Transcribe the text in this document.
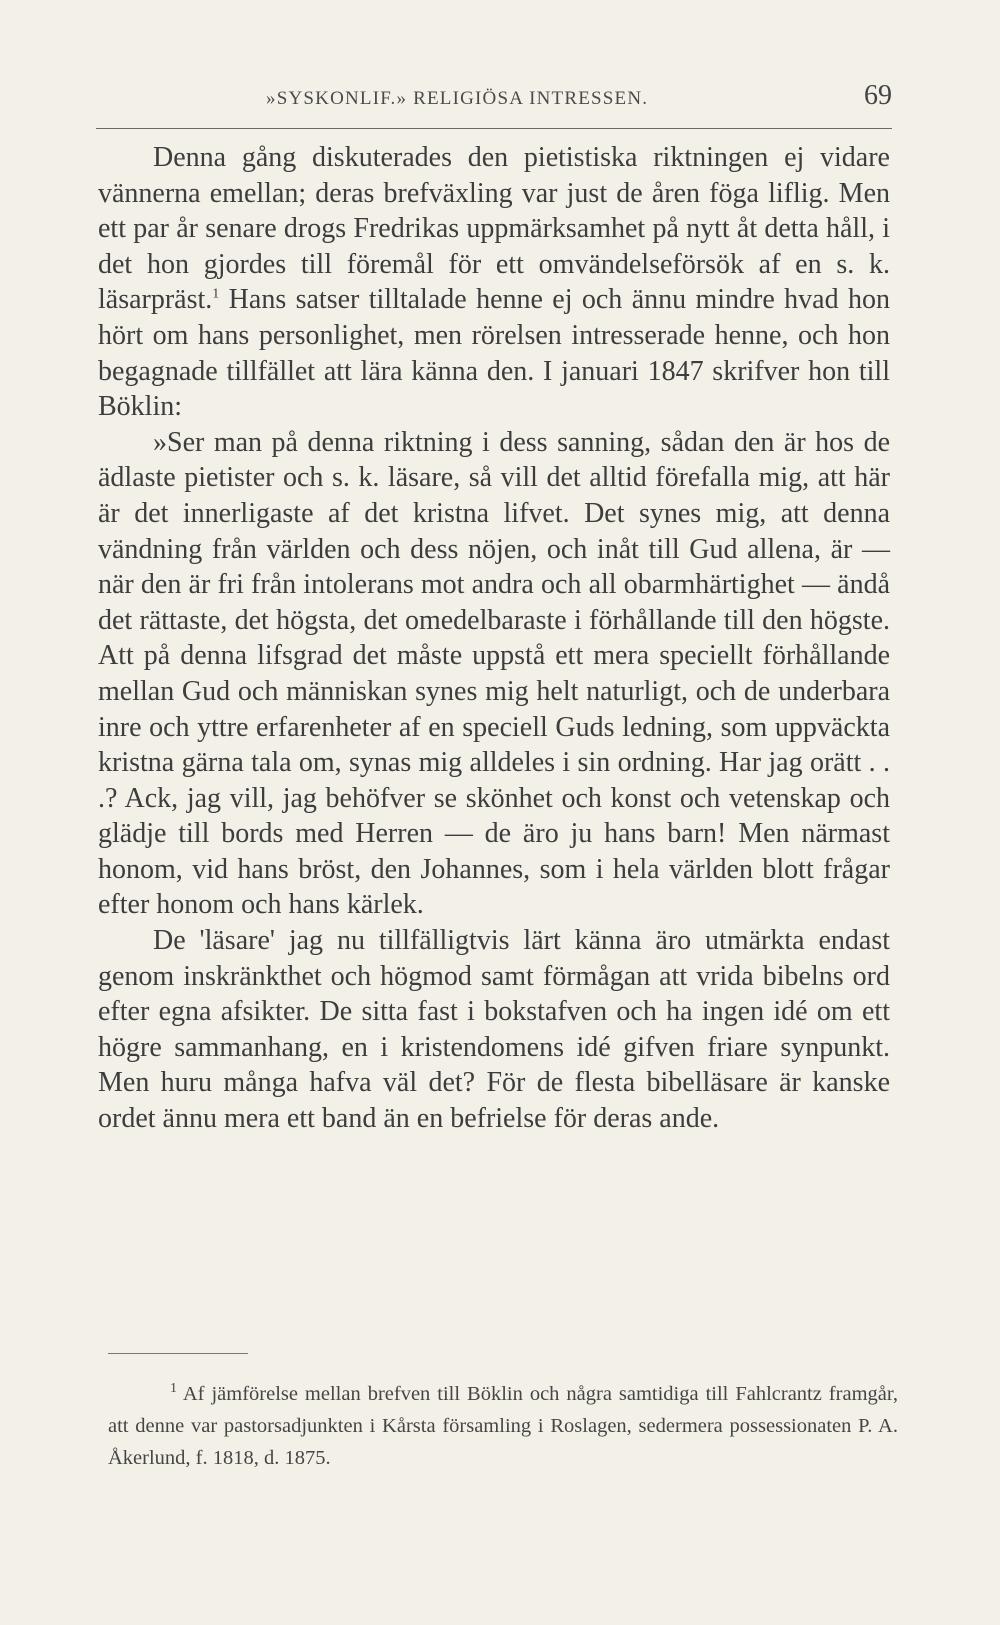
»SYSKONLIF.» RELIGIÖSA INTRESSEN.	69

Denna gång diskuterades den pietistiska riktningen ej vidare vännerna emellan; deras brefväxling var just de åren föga liflig. Men ett par år senare drogs Fredrikas uppmärksamhet på nytt åt detta håll, i det hon gjordes till föremål för ett omvändelseförsök af en s. k. läsarpräst.$^1$ Hans satser tilltalade henne ej och ännu mindre hvad hon hört om hans personlighet, men rörelsen intresserade henne, och hon begagnade tillfället att lära känna den. I januari 1847 skrifver hon till Böklin:

»Ser man på denna riktning i dess sanning, sådan den är hos de ädlaste pietister och s. k. läsare, så vill det alltid förefalla mig, att här är det innerligaste af det kristna lifvet. Det synes mig, att denna vändning från världen och dess nöjen, och inåt till Gud allena, är — när den är fri från intolerans mot andra och all obarmhärtighet — ändå det rättaste, det högsta, det omedelbaraste i förhållande till den högste. Att på denna lifsgrad det måste uppstå ett mera speciellt förhållande mellan Gud och människan synes mig helt naturligt, och de underbara inre och yttre erfarenheter af en speciell Guds ledning, som uppväckta kristna gärna tala om, synas mig alldeles i sin ordning. Har jag orätt . . .? Ack, jag vill, jag behöfver se skönhet och konst och vetenskap och glädje till bords med Herren — de äro ju hans barn! Men närmast honom, vid hans bröst, den Johannes, som i hela världen blott frågar efter honom och hans kärlek.

De 'läsare' jag nu tillfälligtvis lärt känna äro utmärkta endast genom inskränkthet och högmod samt förmågan att vrida bibelns ord efter egna afsikter. De sitta fast i bokstafven och ha ingen idé om ett högre sammanhang, en i kristendomens idé gifven friare synpunkt. Men huru många hafva väl det? För de flesta bibelläsare är kanske ordet ännu mera ett band än en befrielse för deras ande.

$^1$ Af jämförelse mellan brefven till Böklin och några samtidiga till Fahlcrantz framgår, att denne var pastorsadjunkten i Kårsta församling i Roslagen, sedermera possessionaten P. A. Åkerlund, f. 1818, d. 1875.
